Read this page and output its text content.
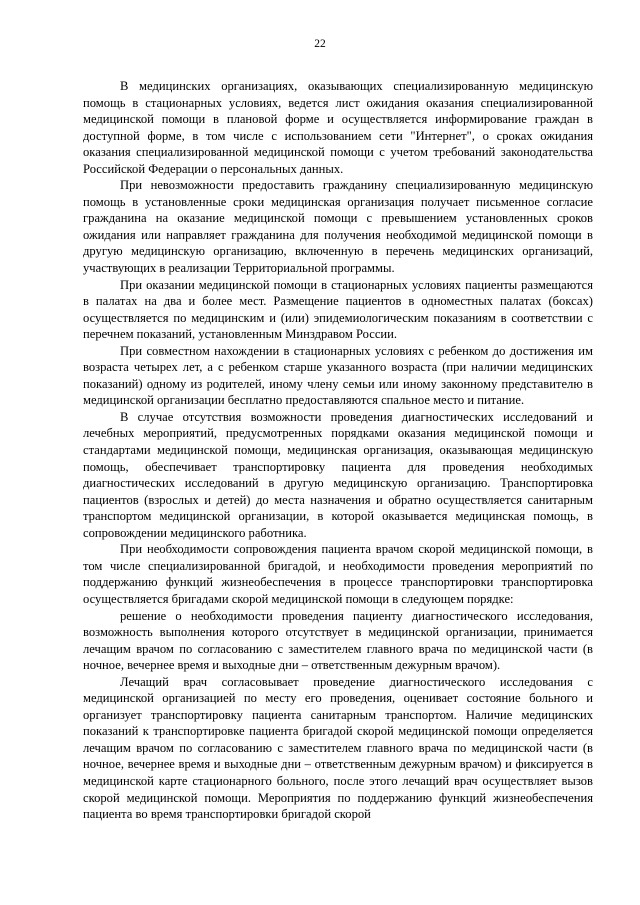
22

В медицинских организациях, оказывающих специализированную медицинскую помощь в стационарных условиях, ведется лист ожидания оказания специализированной медицинской помощи в плановой форме и осуществляется информирование граждан в доступной форме, в том числе с использованием сети "Интернет", о сроках ожидания оказания специализированной медицинской помощи с учетом требований законодательства Российской Федерации о персональных данных.

При невозможности предоставить гражданину специализированную медицинскую помощь в установленные сроки медицинская организация получает письменное согласие гражданина на оказание медицинской помощи с превышением установленных сроков ожидания или направляет гражданина для получения необходимой медицинской помощи в другую медицинскую организацию, включенную в перечень медицинских организаций, участвующих в реализации Территориальной программы.

При оказании медицинской помощи в стационарных условиях пациенты размещаются в палатах на два и более мест. Размещение пациентов в одноместных палатах (боксах) осуществляется по медицинским и (или) эпидемиологическим показаниям в соответствии с перечнем показаний, установленным Минздравом России.

При совместном нахождении в стационарных условиях с ребенком до достижения им возраста четырех лет, а с ребенком старше указанного возраста (при наличии медицинских показаний) одному из родителей, иному члену семьи или иному законному представителю в медицинской организации бесплатно предоставляются спальное место и питание.

В случае отсутствия возможности проведения диагностических исследований и лечебных мероприятий, предусмотренных порядками оказания медицинской помощи и стандартами медицинской помощи, медицинская организация, оказывающая медицинскую помощь, обеспечивает транспортировку пациента для проведения необходимых диагностических исследований в другую медицинскую организацию. Транспортировка пациентов (взрослых и детей) до места назначения и обратно осуществляется санитарным транспортом медицинской организации, в которой оказывается медицинская помощь, в сопровождении медицинского работника.

При необходимости сопровождения пациента врачом скорой медицинской помощи, в том числе специализированной бригадой, и необходимости проведения мероприятий по поддержанию функций жизнеобеспечения в процессе транспортировки транспортировка осуществляется бригадами скорой медицинской помощи в следующем порядке:

решение о необходимости проведения пациенту диагностического исследования, возможность выполнения которого отсутствует в медицинской организации, принимается лечащим врачом по согласованию с заместителем главного врача по медицинской части (в ночное, вечернее время и выходные дни – ответственным дежурным врачом).

Лечащий врач согласовывает проведение диагностического исследования с медицинской организацией по месту его проведения, оценивает состояние больного и организует транспортировку пациента санитарным транспортом. Наличие медицинских показаний к транспортировке пациента бригадой скорой медицинской помощи определяется лечащим врачом по согласованию с заместителем главного врача по медицинской части (в ночное, вечернее время и выходные дни – ответственным дежурным врачом) и фиксируется в медицинской карте стационарного больного, после этого лечащий врач осуществляет вызов скорой медицинской помощи. Мероприятия по поддержанию функций жизнеобеспечения пациента во время транспортировки бригадой скорой
